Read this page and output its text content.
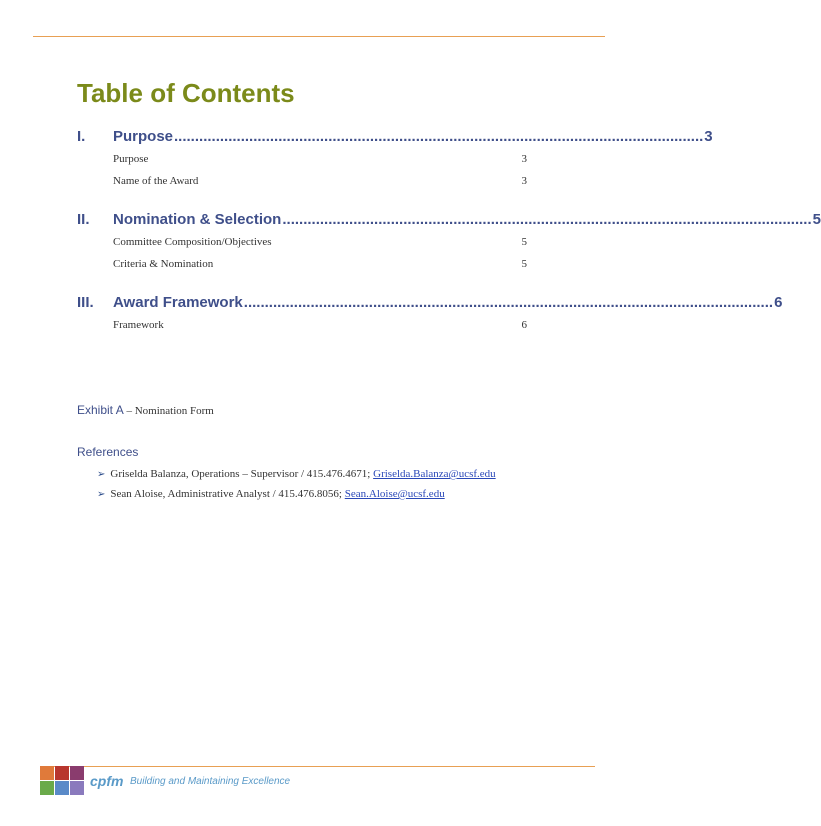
Table of Contents
I. Purpose ............................................................................................................................... 3
Purpose	3
Name of the Award	3
II. Nomination & Selection ............................................................................................................................... 5
Committee Composition/Objectives	5
Criteria & Nomination	5
III. Award Framework ............................................................................................................................... 6
Framework	6
Exhibit A – Nomination Form
References
➢ Griselda Balanza, Operations – Supervisor / 415.476.4671; Griselda.Balanza@ucsf.edu
➢ Sean Aloise, Administrative Analyst / 415.476.8056; Sean.Aloise@ucsf.edu
cpfm Building and Maintaining Excellence
